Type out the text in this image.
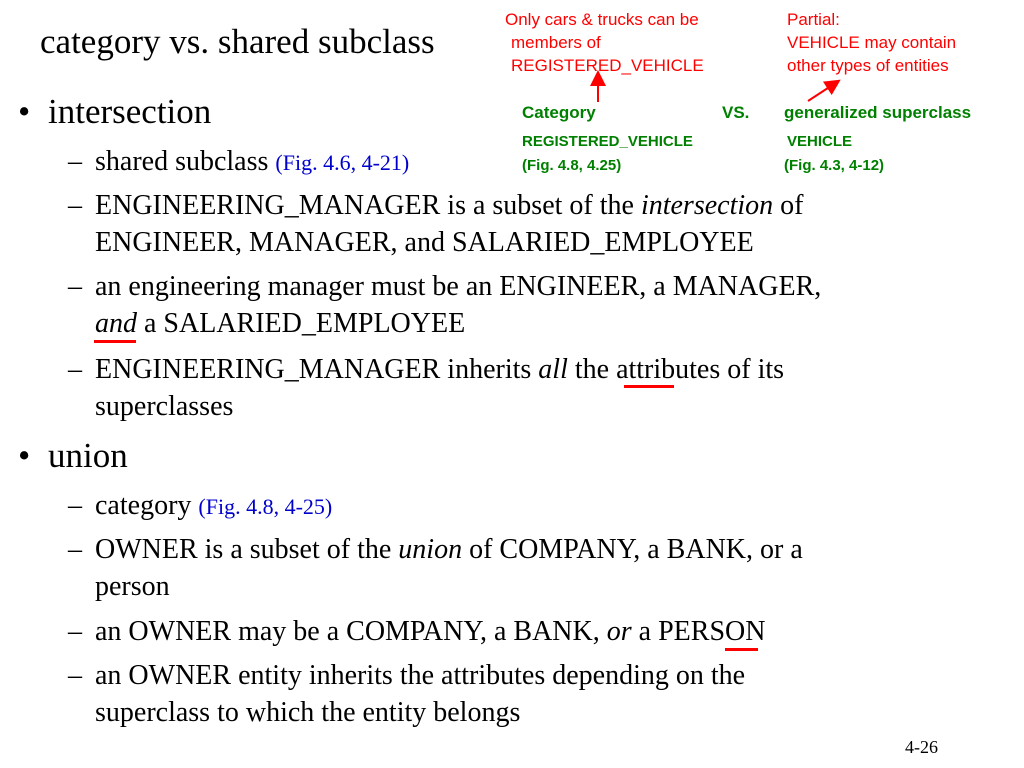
category vs. shared subclass
Only cars & trucks can be
members of
REGISTERED_VEHICLE
Partial:
VEHICLE may contain
other types of entities
Category	VS. generalized superclass
REGISTERED_VEHICLE	VEHICLE
(Fig. 4.8, 4.25)	(Fig. 4.3, 4-12)
• intersection
– shared subclass (Fig. 4.6, 4-21)
– ENGINEERING_MANAGER is a subset of the intersection of
ENGINEER, MANAGER, and SALARIED_EMPLOYEE
– an engineering manager must be an ENGINEER, a MANAGER,
and a SALARIED_EMPLOYEE
– ENGINEERING_MANAGER inherits all the attributes of its
superclasses
• union
– category (Fig. 4.8, 4-25)
– OWNER is a subset of the union of COMPANY, a BANK, or a
person
– an OWNER may be a COMPANY, a BANK, or a PERSON
– an OWNER entity inherits the attributes depending on the
superclass to which the entity belongs
4-26
